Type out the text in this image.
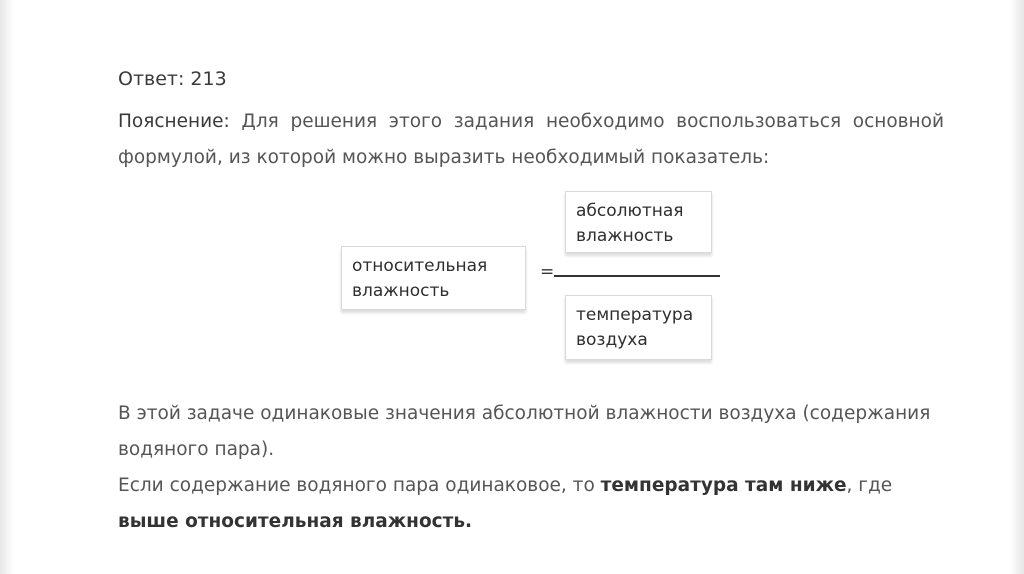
Ответ: 213
Пояснение: Для решения этого задания необходимо воспользоваться основной формулой, из которой можно выразить необходимый показатель:
относительная
влажность
=
абсолютная
влажность
температура
воздуха
В этой задаче одинаковые значения абсолютной влажности воздуха (содержания водяного пара).
Если содержание водяного пара одинаковое, то температура там ниже, где выше относительная влажность.
